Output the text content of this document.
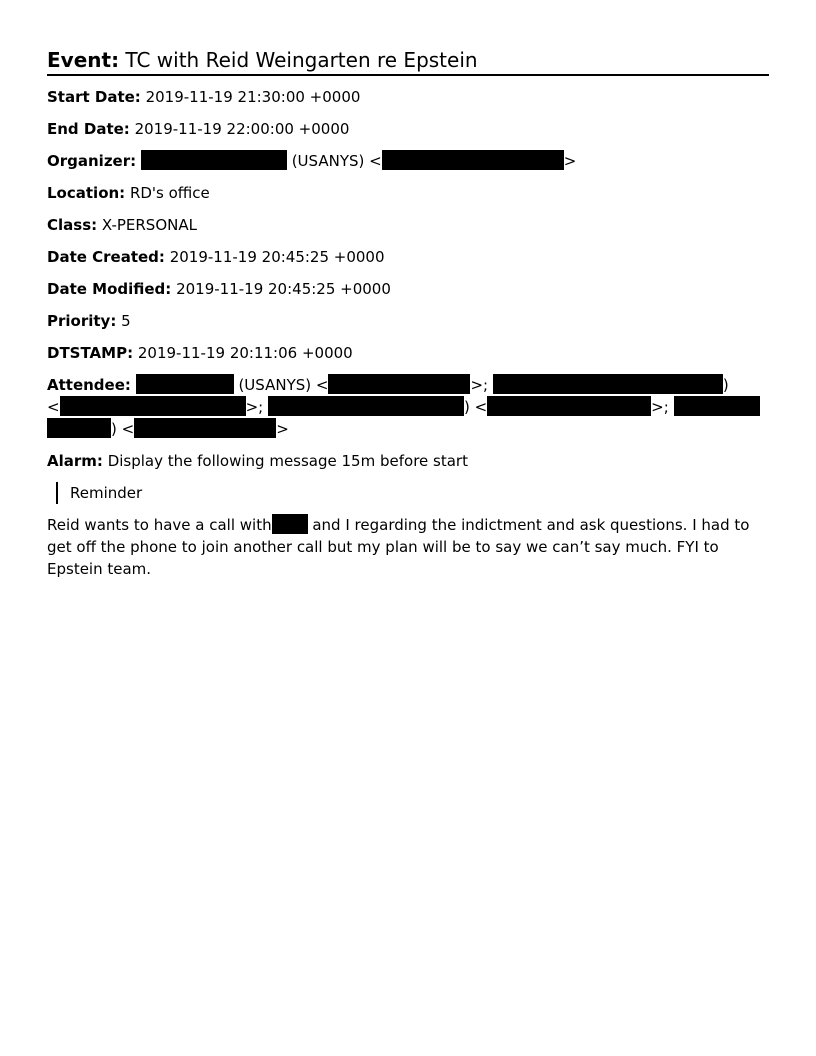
Event: TC with Reid Weingarten re Epstein
Start Date: 2019-11-19 21:30:00 +0000
End Date: 2019-11-19 22:00:00 +0000
Organizer:	(USANYS) <	>
Location: RD's office
Class: X-PERSONAL
Date Created: 2019-11-19 20:45:25 +0000
Date Modified: 2019-11-19 20:45:25 +0000
Priority: 5
DTSTAMP: 2019-11-19 20:11:06 +0000
Attendee:	(USANYS) <	>;	)
<	>;	) <	>;
) <	>
Alarm: Display the following message 15m before start
Reminder

Reid wants to have a call with and I regarding the indictment and ask questions. I had to get off the phone to join another call but my plan will be to say we can’t say much. FYI to Epstein team.
